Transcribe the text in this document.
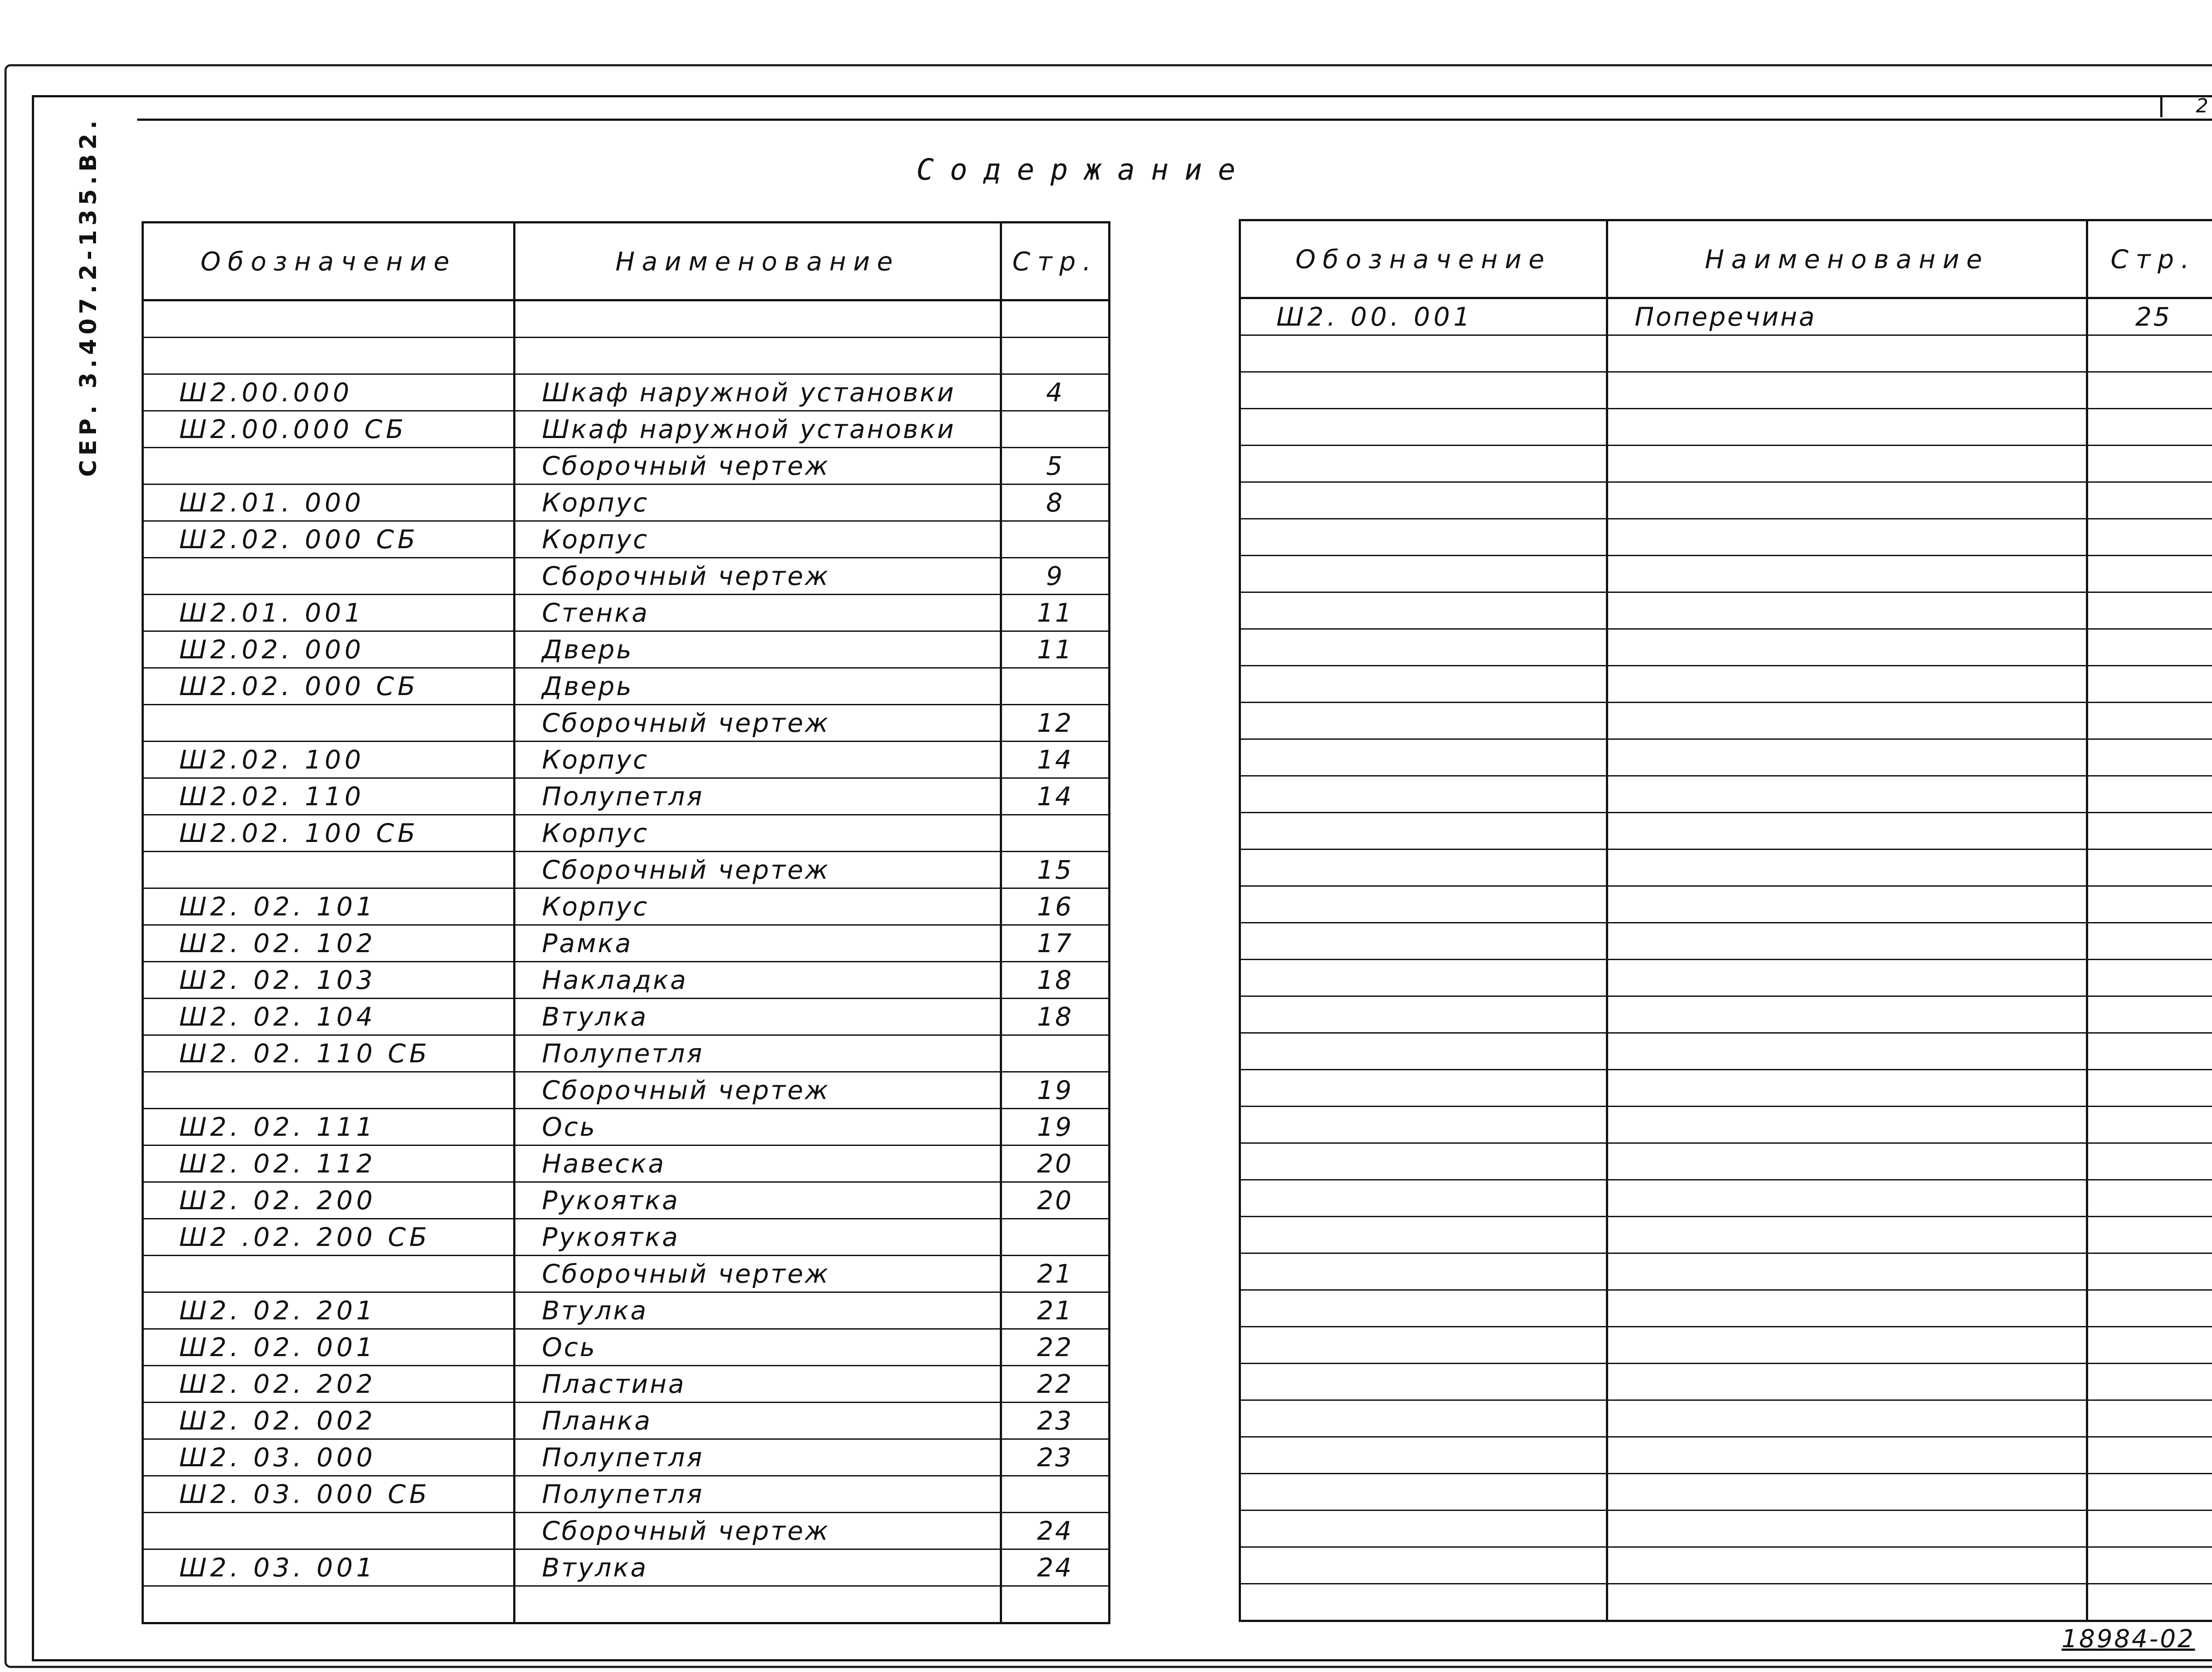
2
СЕР. 3.407.2-135.В2.	Содержание
Обозначение	Наименование	Стр.

Ш2.00.000	Шкаф наружной установки	4
Ш2.00.000 СБ	Шкаф наружной установки	
	Сборочный чертеж	5
Ш2.01. 000	Корпус	8
Ш2.02. 000 СБ	Корпус	
	Сборочный чертеж	9
Ш2.01. 001	Стенка	11
Ш2.02. 000	Дверь	11
Ш2.02. 000 СБ	Дверь	
	Сборочный чертеж	12
Ш2.02. 100	Корпус	14
Ш2.02. 110	Полупетля	14
Ш2.02. 100 СБ	Корпус	
	Сборочный чертеж	15
Ш2. 02. 101	Корпус	16
Ш2. 02. 102	Рамка	17
Ш2. 02. 103	Накладка	18
Ш2. 02. 104	Втулка	18
Ш2. 02. 110 СБ	Полупетля	
	Сборочный чертеж	19
Ш2. 02. 111	Ось	19
Ш2. 02. 112	Навеска	20
Ш2. 02. 200	Рукоятка	20
Ш2 .02. 200 СБ	Рукоятка	
	Сборочный чертеж	21
Ш2. 02. 201	Втулка	21
Ш2. 02. 001	Ось	22
Ш2. 02. 202	Пластина	22
Ш2. 02. 002	Планка	23
Ш2. 03. 000	Полупетля	23
Ш2. 03. 000 СБ	Полупетля	
	Сборочный чертеж	24
Ш2. 03. 001	Втулка	24

Обозначение	Наименование	Стр.
Ш2. 00. 001	Поперечина	25

18984-02
